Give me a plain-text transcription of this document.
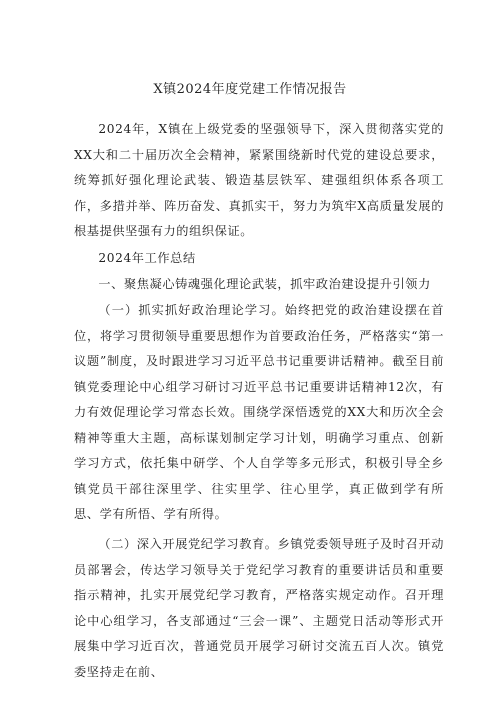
X镇2024年度党建工作情况报告

2024年，X镇在上级党委的坚强领导下，深入贯彻落实党的XX大和二十届历次全会精神，紧紧围绕新时代党的建设总要求，统筹抓好强化理论武装、锻造基层铁军、建强组织体系各项工作，多措并举、阵历奋发、真抓实干，努力为筑牢X高质量发展的根基提供坚强有力的组织保证。

2024年工作总结

一、聚焦凝心铸魂强化理论武装，抓牢政治建设提升引领力

（一）抓实抓好政治理论学习。始终把党的政治建设摆在首位，将学习贯彻领导重要思想作为首要政治任务，严格落实“第一议题”制度，及时跟进学习习近平总书记重要讲话精神。截至目前镇党委理论中心组学习研讨习近平总书记重要讲话精神12次，有力有效促理论学习常态长效。围绕学深悟透党的XX大和历次全会精神等重大主题，高标谋划制定学习计划，明确学习重点、创新学习方式，依托集中研学、个人自学等多元形式，积极引导全乡镇党员干部往深里学、往实里学、往心里学，真正做到学有所思、学有所悟、学有所得。

（二）深入开展党纪学习教育。乡镇党委领导班子及时召开动员部署会，传达学习领导关于党纪学习教育的重要讲话员和重要指示精神，扎实开展党纪学习教育，严格落实规定动作。召开理论中心组学习，各支部通过“三会一课”、主题党日活动等形式开展集中学习近百次，普通党员开展学习研讨交流五百人次。镇党委坚持走在前、
